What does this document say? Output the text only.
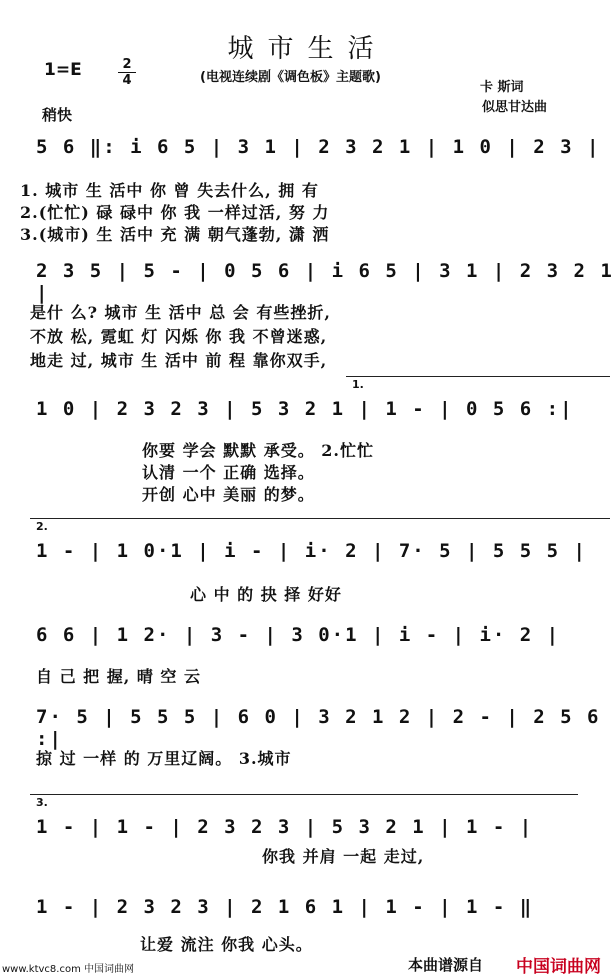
城市生活
1=E	2
4	(电视连续剧《调色板》主题歌)
卡 斯词
似思甘达曲
稍快
5 6 ‖: i 6 5 | 3 1 | 2 3 2 1 | 1 0 | 2 3 |
1. 城市 生 活中 你 曾 失去什么, 拥 有
2.(忙忙) 碌 碌中 你 我 一样过活, 努 力
3.(城市) 生 活中 充 满 朝气蓬勃, 潇 洒
2 3 5 | 5 - | 0 5 6 | i 6 5 | 3 1 | 2 3 2 1 |
是什 么? 城市 生 活中 总 会 有些挫折,
不放 松, 霓虹 灯 闪烁 你 我 不曾迷惑,
地走 过, 城市 生 活中 前 程 靠你双手,
1.
1 0 | 2 3 2 3 | 5 3 2 1 | 1 - | 0 5 6 :|
你要 学会 默默 承受。 2.忙忙
认清 一个 正确 选择。
开创 心中 美丽 的梦。
2.
1 - | 1 0·1 | i - | i· 2 | 7· 5 | 5 5 5 |
心 中 的 抉 择 好好
6 6 | 1 2· | 3 - | 3 0·1 | i - | i· 2 |
自 己 把 握, 晴 空 云
7· 5 | 5 5 5 | 6 0 | 3 2 1 2 | 2 - | 2 5 6 :|
掠 过 一样 的 万里辽阔。 3.城市
3.
1 - | 1 - | 2 3 2 3 | 5 3 2 1 | 1 - |
你我 并肩 一起 走过,
1 - | 2 3 2 3 | 2 1 6 1 | 1 - | 1 - ‖
让爱 流注 你我 心头。
www.ktvc8.com 中国词曲网	本曲谱源自 中国词曲网
